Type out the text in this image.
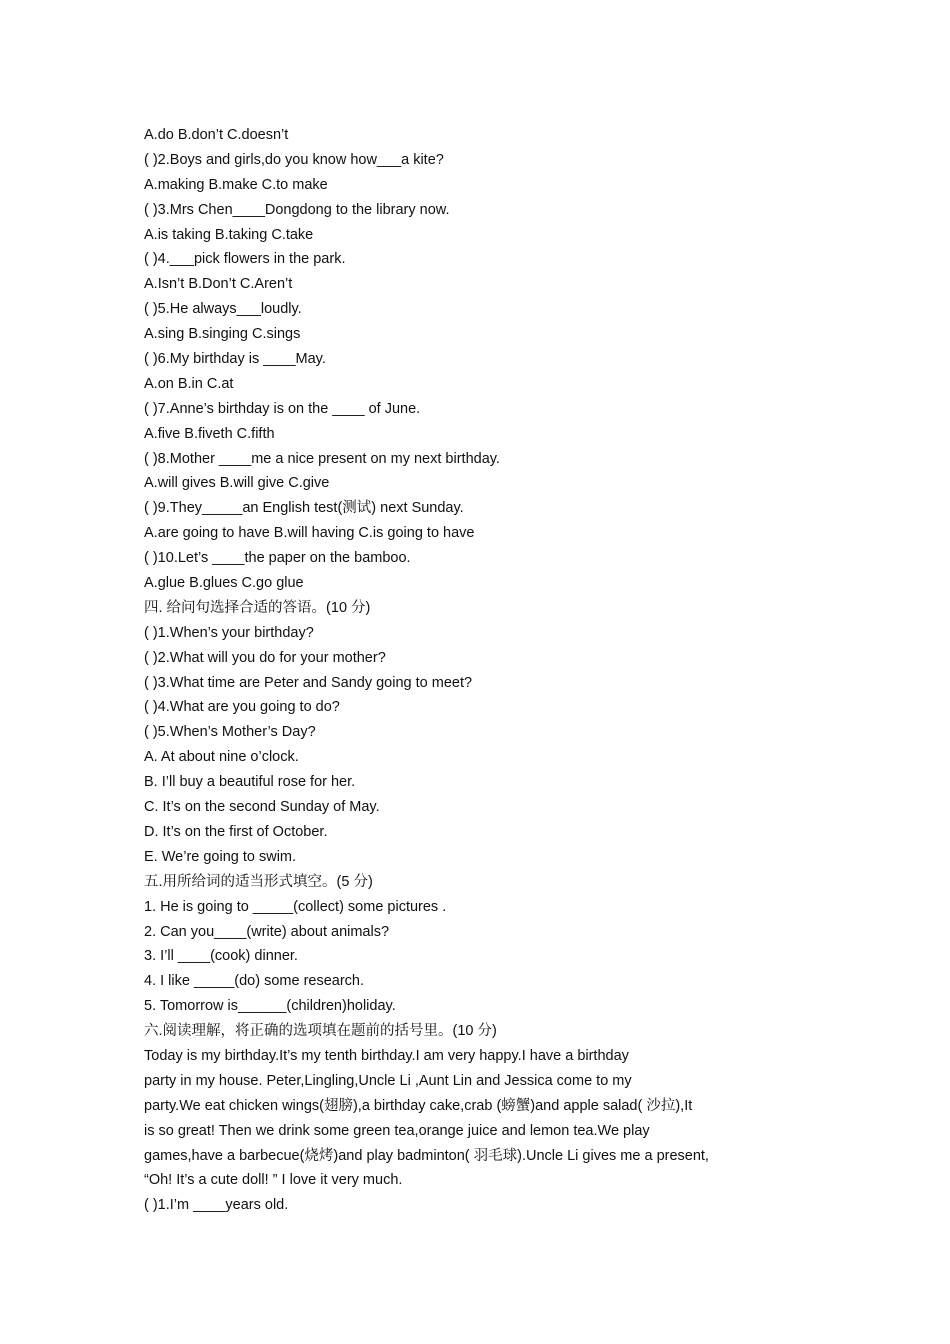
A.do B.don’t C.doesn’t
( )2.Boys and girls,do you know how___a kite?
A.making B.make C.to make
( )3.Mrs Chen____Dongdong to the library now.
A.is taking B.taking C.take
( )4.___pick flowers in the park.
A.Isn’t B.Don’t C.Aren’t
( )5.He always___loudly.
A.sing B.singing C.sings
( )6.My birthday is ____May.
A.on B.in C.at
( )7.Anne’s birthday is on the ____ of June.
A.five B.fiveth C.fifth
( )8.Mother ____me a nice present on my next birthday.
A.will gives B.will give C.give
( )9.They_____an English test(测试) next Sunday.
A.are going to have B.will having C.is going to have
( )10.Let’s ____the paper on the bamboo.
A.glue B.glues C.go glue
四. 给问句选择合适的答语。(10 分)
( )1.When’s your birthday?
( )2.What will you do for your mother?
( )3.What time are Peter and Sandy going to meet?
( )4.What are you going to do?
( )5.When’s Mother’s Day?
A. At about nine o’clock.
B. I’ll buy a beautiful rose for her.
C. It’s on the second Sunday of May.
D. It’s on the first of October.
E. We’re going to swim.
五.用所给词的适当形式填空。(5 分)
1. He is going to _____(collect) some pictures .
2. Can you____(write) about animals?
3. I’ll ____(cook) dinner.
4. I like _____(do) some research.
5. Tomorrow is______(children)holiday.
六.阅读理解，将正确的选项填在题前的括号里。(10 分)
Today is my birthday.It’s my tenth birthday.I am very happy.I have a birthday
party in my house. Peter,Lingling,Uncle Li ,Aunt Lin and Jessica come to my
party.We eat chicken wings(翅膀),a birthday cake,crab (螃蟹)and apple salad( 沙拉),It
is so great! Then we drink some green tea,orange juice and lemon tea.We play
games,have a barbecue(烧烤)and play badminton( 羽毛球).Uncle Li gives me a present,
“Oh! It’s a cute doll! ” I love it very much.
( )1.I’m ____years old.
